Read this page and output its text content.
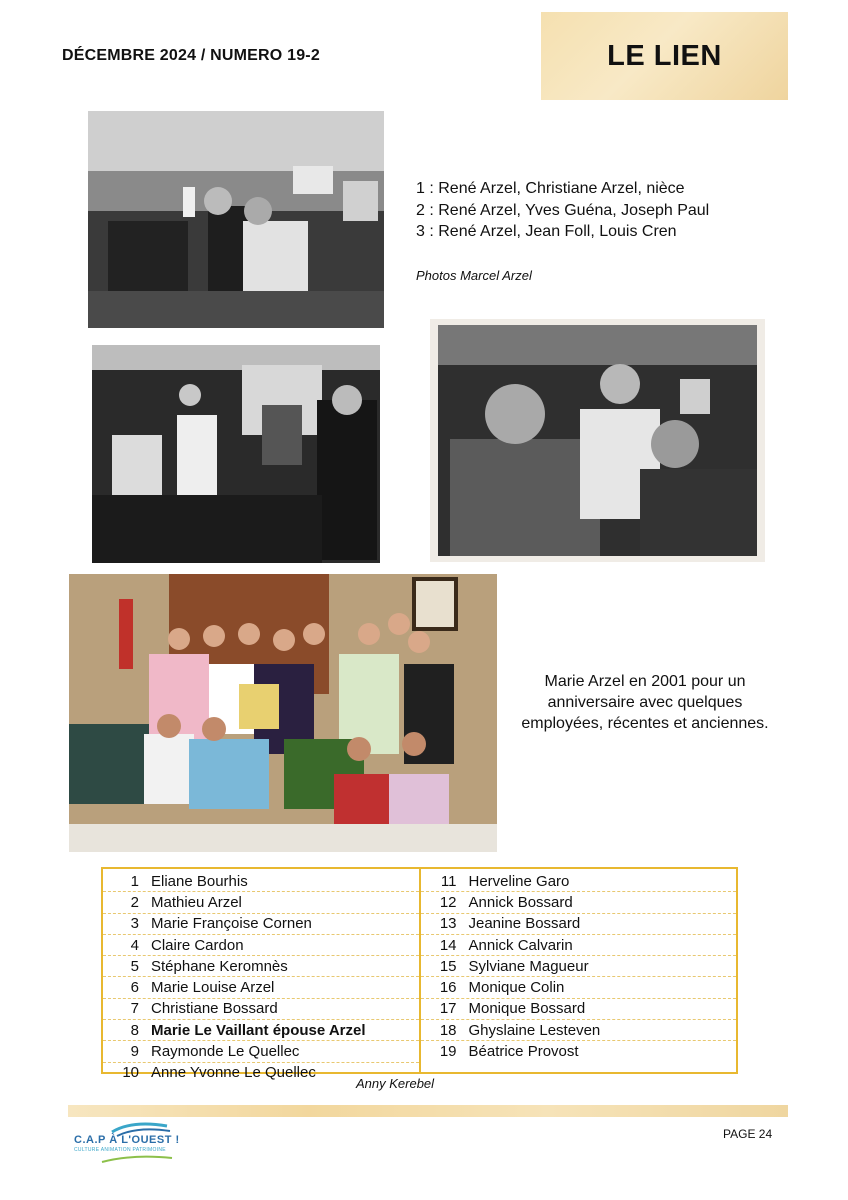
DÉCEMBRE 2024 / NUMERO 19-2	LE LIEN
1 : René Arzel, Christiane Arzel, nièce
2 : René Arzel, Yves Guéna, Joseph Paul
3 : René Arzel, Jean Foll, Louis Cren
Photos Marcel Arzel
Marie Arzel en 2001 pour un anniversaire avec quelques employées, récentes et anciennes.
1 Eliane Bourhis
2 Mathieu Arzel
3 Marie Françoise Cornen
4 Claire Cardon
5 Stéphane Keromnès
6 Marie Louise Arzel
7 Christiane Bossard
8 Marie Le Vaillant épouse Arzel
9 Raymonde Le Quellec
10 Anne Yvonne Le Quellec
11 Herveline Garo
12 Annick Bossard
13 Jeanine Bossard
14 Annick Calvarin
15 Sylviane Magueur
16 Monique Colin
17 Monique Bossard
18 Ghyslaine Lesteven
19 Béatrice Provost
Anny Kerebel
C.A.P À L'OUEST !
CULTURE ANIMATION PATRIMOINE
PAGE 24
